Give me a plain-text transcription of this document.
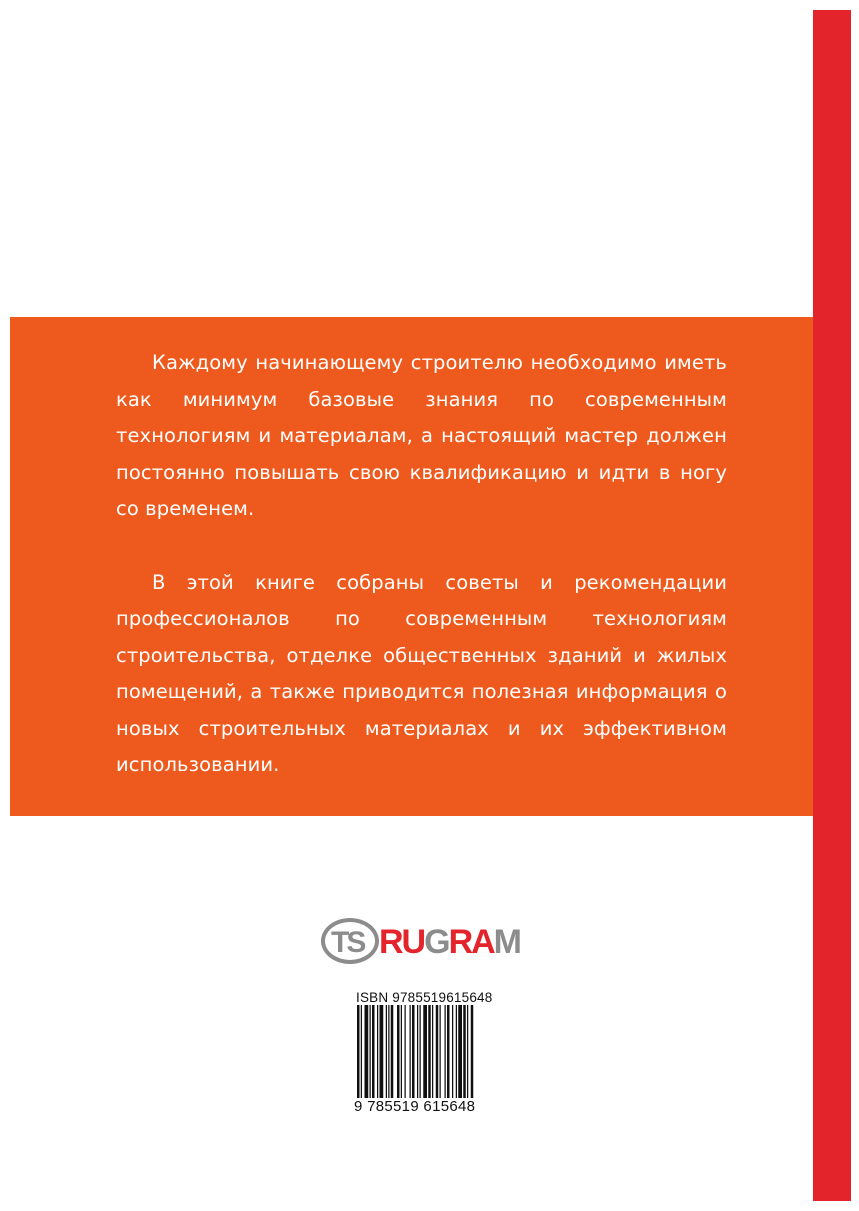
Каждому начинающему строителю необходимо иметь как минимум базовые знания по современным технологиям и материалам, а настоящий мастер должен постоянно повышать свою квалификацию и идти в ногу со временем.

В этой книге собраны советы и рекомендации профессионалов по современным технологиям строительства, отделке общественных зданий и жилых помещений, а также приводится полезная информация о новых строительных материалах и их эффективном использовании.

Данная книга будет полезна не только начинающему, но и профессиональному строителю.

TS RUGRAM
ISBN 9785519615648
9 785519 615648
